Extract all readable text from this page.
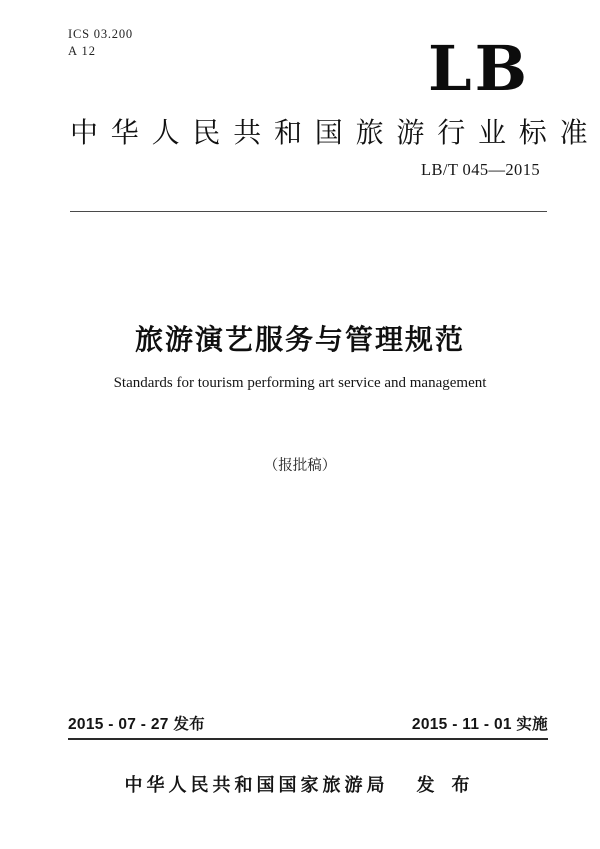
ICS 03.200
A 12	LB
中华人民共和国旅游行业标准
LB/T 045—2015
旅游演艺服务与管理规范
Standards for tourism performing art service and management
（报批稿）
2015 - 07 - 27 发布	2015 - 11 - 01 实施
中华人民共和国国家旅游局 发 布
